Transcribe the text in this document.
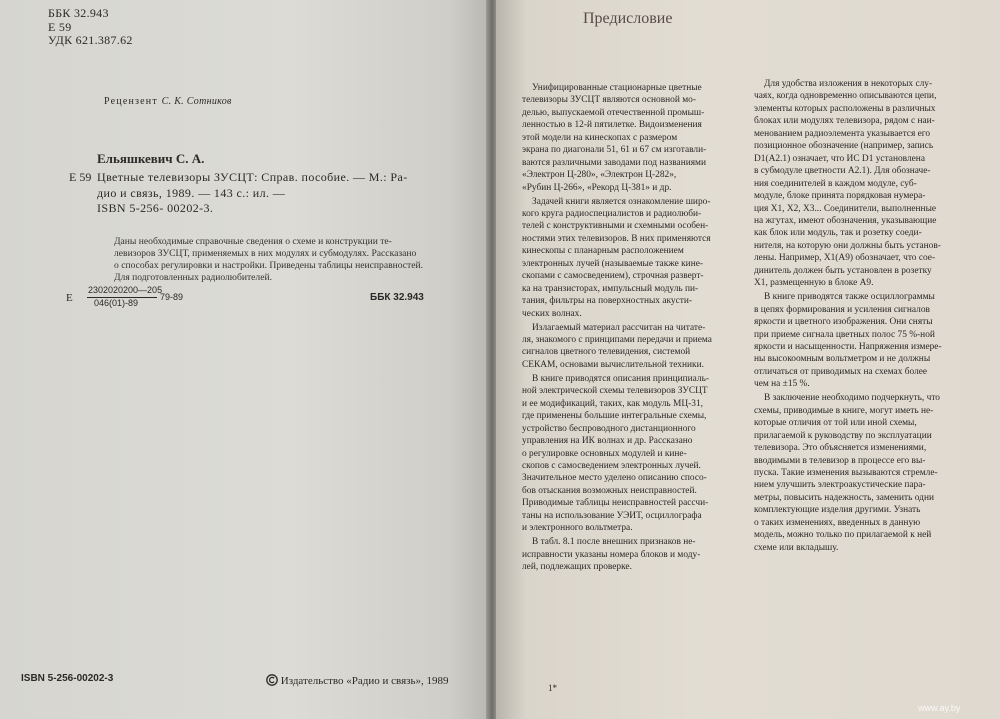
ББК 32.943
Е 59
УДК 621.387.62
Рецензент С. К. Сотников
Ельяшкевич С. А.
Е 59 Цветные телевизоры ЗУСЦТ: Справ. пособие. — М.: Ра-
дио и связь, 1989. — 143 с.: ил. —
ISBN 5-256- 00202-3.
Даны необходимые справочные сведения о схеме и конструкции те-
левизоров ЗУСЦТ, применяемых в них модулях и субмодулях. Рассказано
о способах регулировки и настройки. Приведены таблицы неисправностей.
Для подготовленных радиолюбителей.
Е
2302020200—205
046(01)-89
79-89	ББК 32.943
ISBN 5-256-00202-3	Издательство «Радио и связь», 1989
Предисловие
Унифицированные стационарные цветные
телевизоры ЗУСЦТ являются основной мо-
делью, выпускаемой отечественной промыш-
ленностью в 12-й пятилетке. Видоизменения
этой модели на кинескопах с размером
экрана по диагонали 51, 61 и 67 см изготавли-
ваются различными заводами под названиями
«Электрон Ц-280», «Электрон Ц-282»,
«Рубин Ц-266», «Рекорд Ц-381» и др.
Задачей книги является ознакомление широ-
кого круга радиоспециалистов и радиолюби-
телей с конструктивными и схемными особен-
ностями этих телевизоров. В них применяются
кинескопы с планарным расположением
электронных лучей (называемые также кине-
скопами с самосведением), строчная разверт-
ка на транзисторах, импульсный модуль пи-
тания, фильтры на поверхностных акусти-
ческих волнах.
Излагаемый материал рассчитан на читате-
ля, знакомого с принципами передачи и приема
сигналов цветного телевидения, системой
СЕКАМ, основами вычислительной техники.
В книге приводятся описания принципиаль-
ной электрической схемы телевизоров ЗУСЦТ
и ее модификаций, таких, как модуль МЦ-31,
где применены большие интегральные схемы,
устройство беспроводного дистанционного
управления на ИК волнах и др. Рассказано
о регулировке основных модулей и кине-
скопов с самосведением электронных лучей.
Значительное место уделено описанию спосо-
бов отыскания возможных неисправностей.
Приводимые таблицы неисправностей рассчи-
таны на использование УЭИТ, осциллографа
и электронного вольтметра.
В табл. 8.1 после внешних признаков не-
исправности указаны номера блоков и моду-
лей, подлежащих проверке.
Для удобства изложения в некоторых слу-
чаях, когда одновременно описываются цепи,
элементы которых расположены в различных
блоках или модулях телевизора, рядом с наи-
менованием радиоэлемента указывается его
позиционное обозначение (например, запись
D1(A2.1) означает, что ИС D1 установлена
в субмодуле цветности А2.1). Для обозначе-
ния соединителей в каждом модуле, суб-
модуле, блоке принята порядковая нумера-
ция Х1, Х2, Х3... Соединители, выполненные
на жгутах, имеют обозначения, указывающие
как блок или модуль, так и розетку соеди-
нителя, на которую они должны быть установ-
лены. Например, Х1(А9) обозначает, что сое-
динитель должен быть установлен в розетку
Х1, размещенную в блоке А9.
В книге приводятся также осциллограммы
в цепях формирования и усиления сигналов
яркости и цветного изображения. Они сняты
при приеме сигнала цветных полос 75 %-ной
яркости и насыщенности. Напряжения измере-
ны высокоомным вольтметром и не должны
отличаться от приводимых на схемах более
чем на ±15 %.
В заключение необходимо подчеркнуть, что
схемы, приводимые в книге, могут иметь не-
которые отличия от той или иной схемы,
прилагаемой к руководству по эксплуатации
телевизора. Это объясняется изменениями,
вводимыми в телевизор в процессе его вы-
пуска. Такие изменения вызываются стремле-
нием улучшить электроакустические пара-
метры, повысить надежность, заменить одни
комплектующие изделия другими. Узнать
о таких изменениях, введенных в данную
модель, можно только по прилагаемой к ней
схеме или вкладышу.
1*
www.ay.by
